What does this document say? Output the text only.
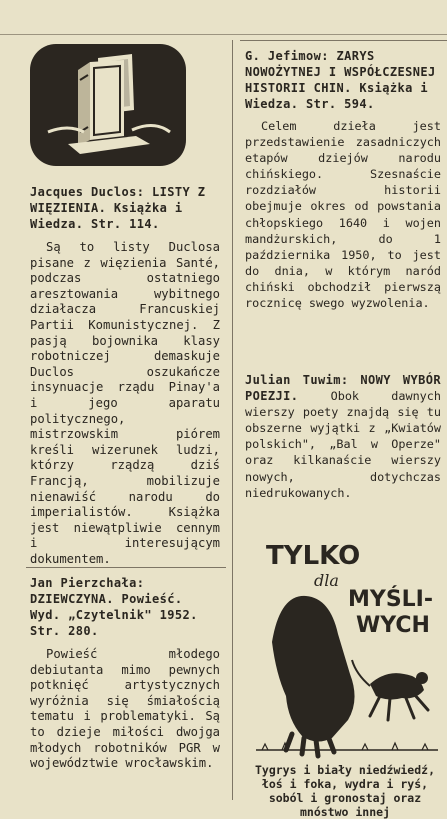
Jacques Duclos: LISTY Z WIĘZIENIA. Książka i Wiedza. Str. 114.

Są to listy Duclosa pisane z więzienia Santé, podczas ostatniego aresztowania wybitnego działacza Francuskiej Partii Komunistycznej. Z pasją bojownika klasy robotniczej demaskuje Duclos oszukańcze insynuacje rządu Pinay'a i jego aparatu politycznego, mistrzowskim piórem kreśli wizerunek ludzi, którzy rządzą dziś Francją, mobilizuje nienawiść narodu do imperialistów. Książka jest niewątpliwie cennym i interesującym dokumentem.

Jan Pierzchała: DZIEWCZYNA. Powieść. Wyd. „Czytelnik" 1952. Str. 280.

Powieść młodego debiutanta mimo pewnych potknięć artystycznych wyróżnia się śmiałością tematu i problematyki. Są to dzieje miłości dwojga młodych robotników PGR w województwie wrocławskim.

G. Jefimow: ZARYS NOWOŻYTNEJ I WSPÓŁCZESNEJ HISTORII CHIN. Książka i Wiedza. Str. 594.

Celem dzieła jest przedstawienie zasadniczych etapów dziejów narodu chińskiego. Szesnaście rozdziałów historii obejmuje okres od powstania chłopskiego 1640 i wojen mandżurskich, do 1 października 1950, to jest do dnia, w którym naród chiński obchodził pierwszą rocznicę swego wyzwolenia.

Julian Tuwim: NOWY WYBÓR POEZJI.	Obok dawnych wierszy poety znajdą się tu obszerne wyjątki z „Kwiatów polskich", „Bal w Operze" oraz kilkanaście wierszy nowych, dotychczas niedrukowanych.

TYLKO
dla
MYŚLI-
WYCH
Tygrys i biały niedźwiedź, łoś i foka, wydra i ryś, soból i gronostaj oraz mnóstwo innej
